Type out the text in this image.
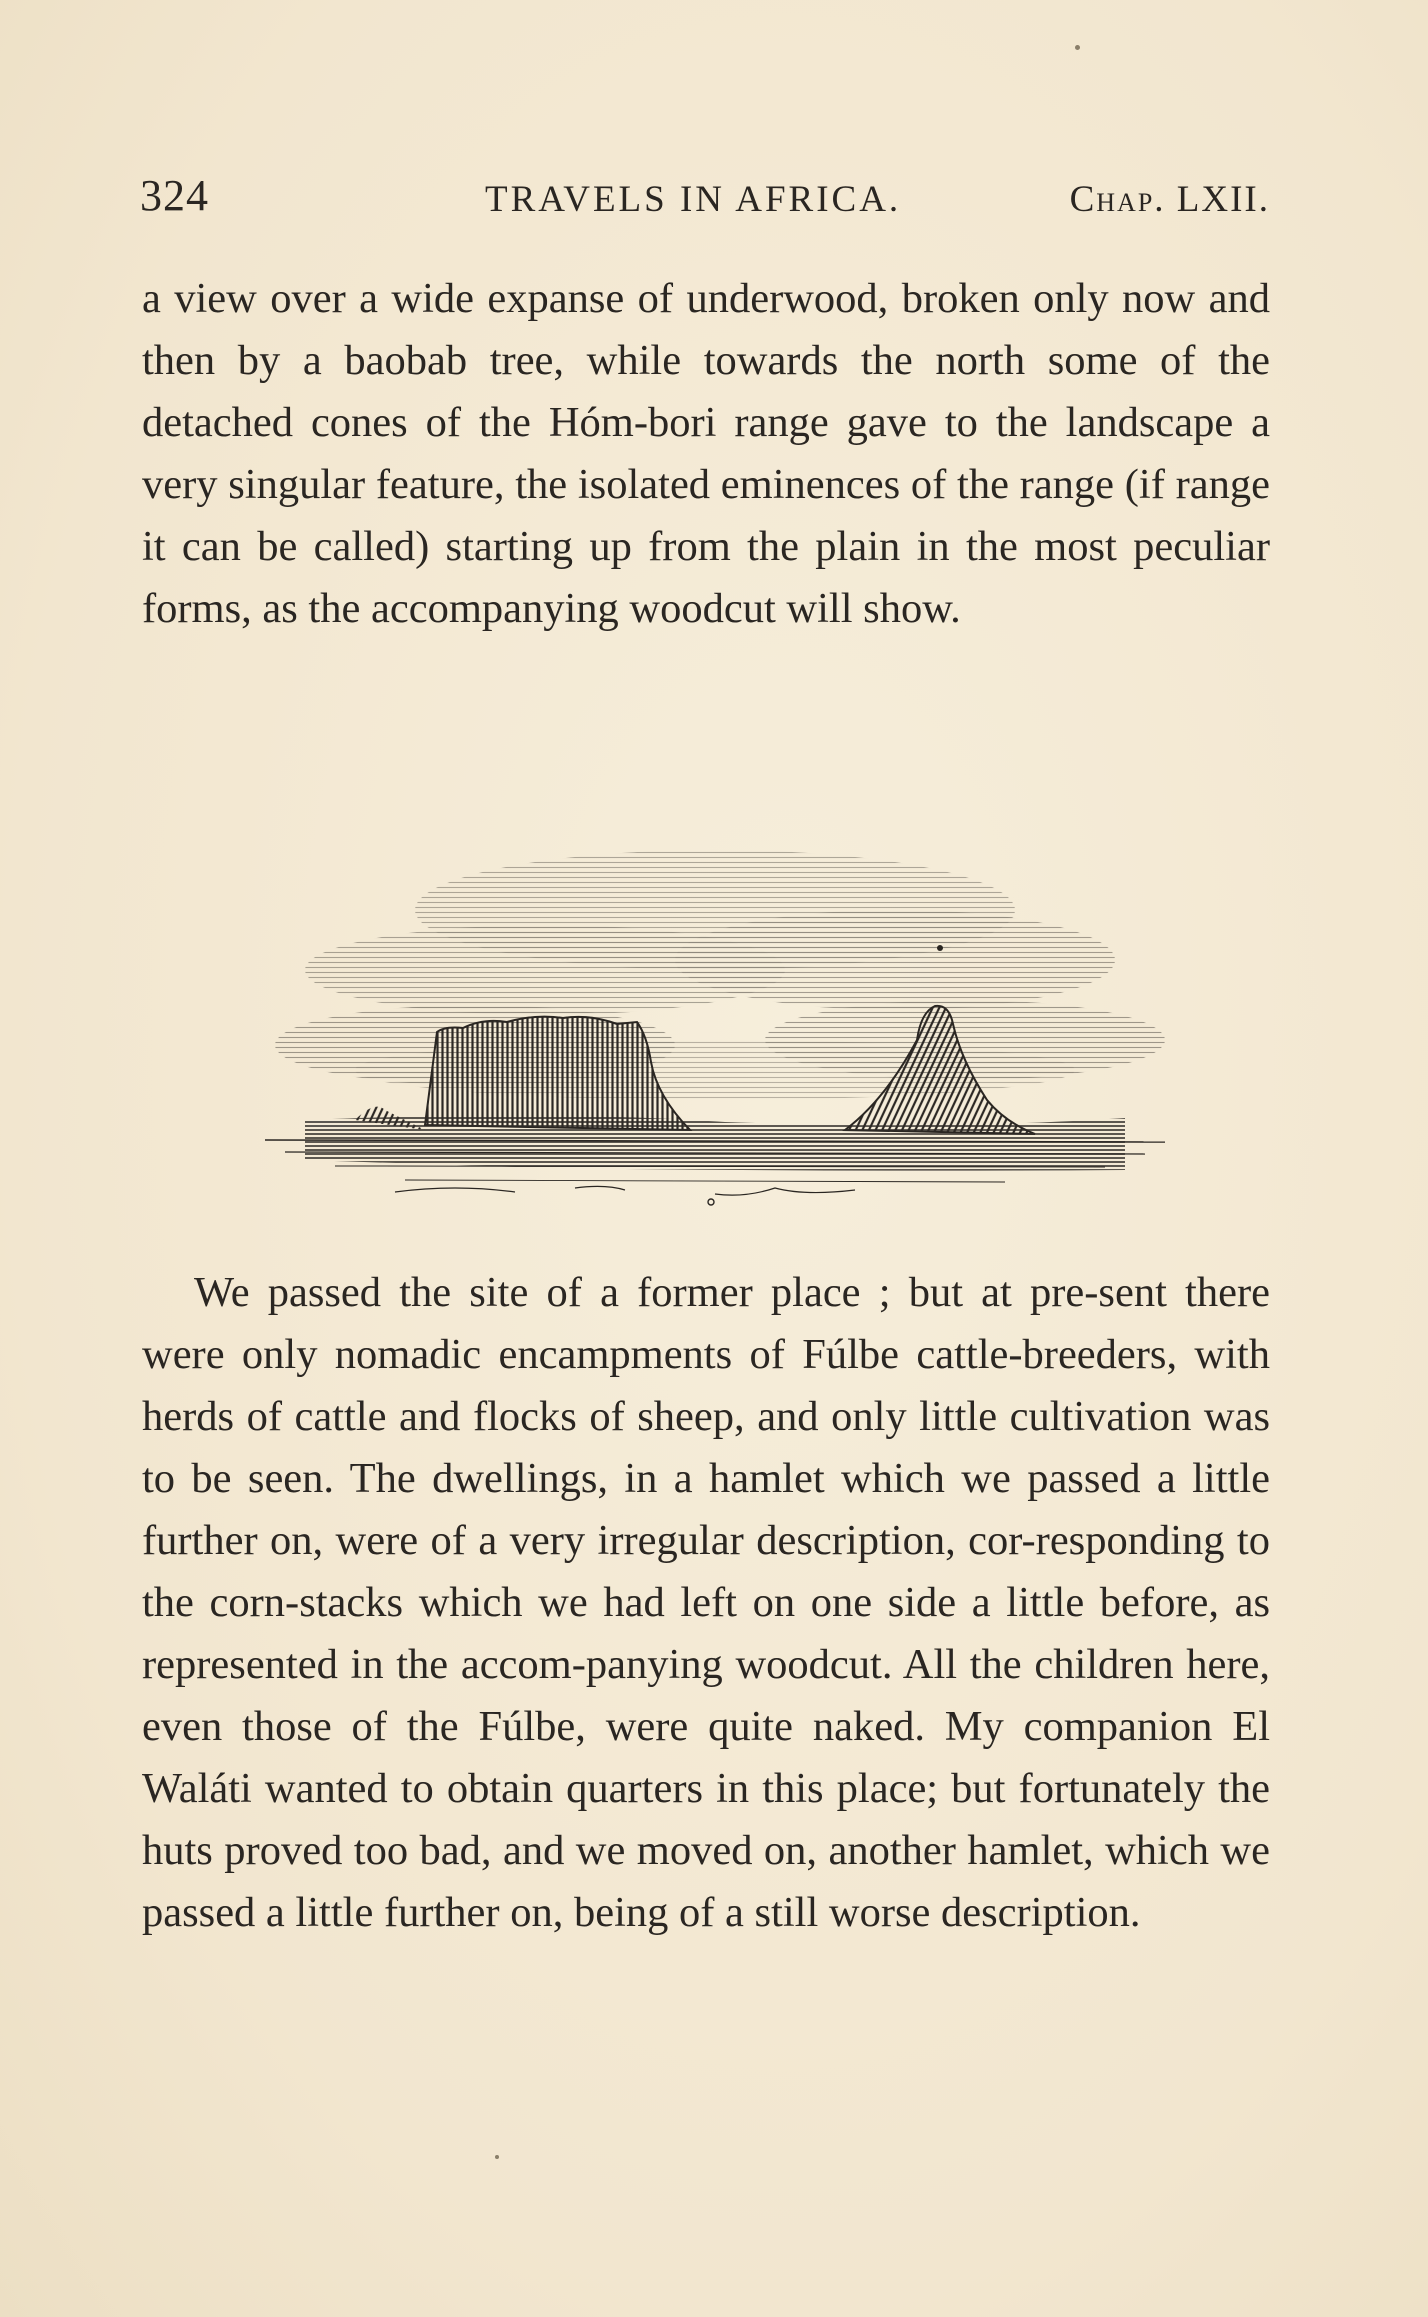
324	TRAVELS IN AFRICA.	Chap. LXII.
a view over a wide expanse of underwood, broken only now and then by a baobab tree, while towards the north some of the detached cones of the Hóm-bori range gave to the landscape a very singular feature, the isolated eminences of the range (if range it can be called) starting up from the plain in the most peculiar forms, as the accompanying woodcut will show.
We passed the site of a former place ; but at pre-sent there were only nomadic encampments of Fúlbe cattle-breeders, with herds of cattle and flocks of sheep, and only little cultivation was to be seen. The dwellings, in a hamlet which we passed a little further on, were of a very irregular description, cor-responding to the corn-stacks which we had left on one side a little before, as represented in the accom-panying woodcut. All the children here, even those of the Fúlbe, were quite naked. My companion El Waláti wanted to obtain quarters in this place; but fortunately the huts proved too bad, and we moved on, another hamlet, which we passed a little further on, being of a still worse description.
